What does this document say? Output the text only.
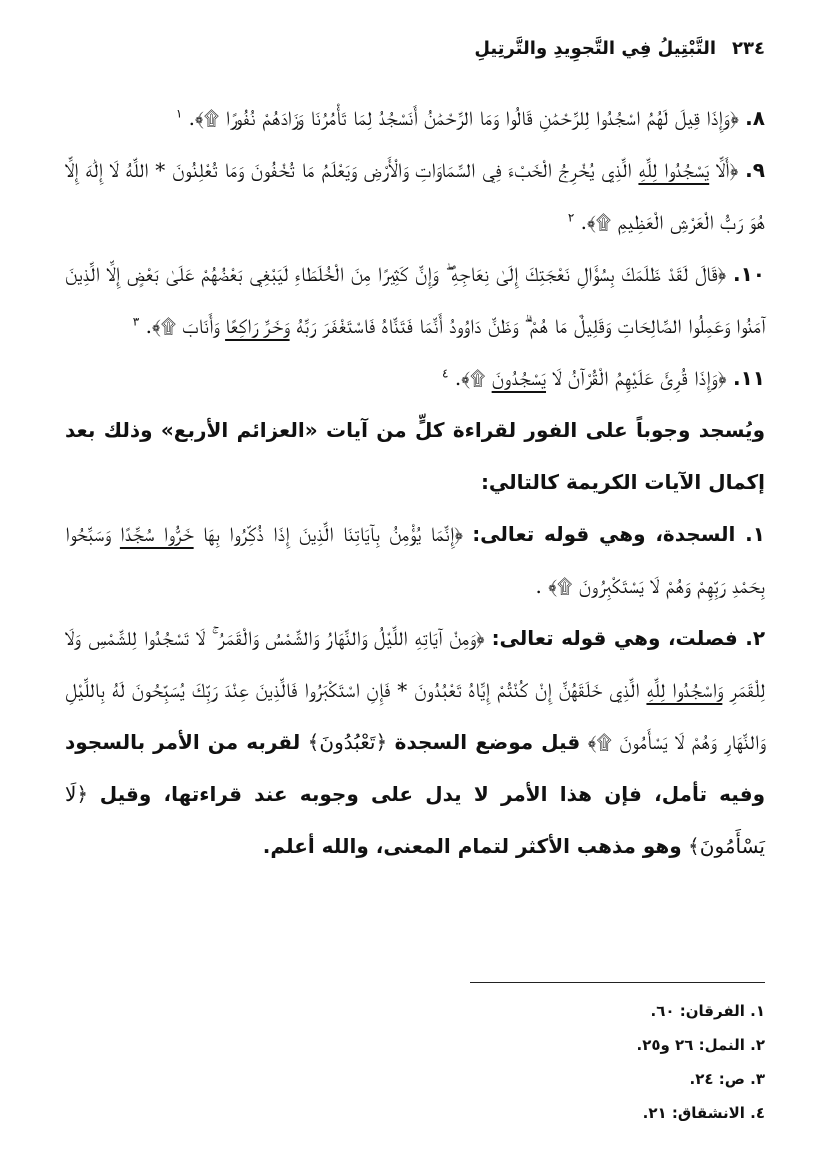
٢٣٤
التَّبْتِيلُ فِي التَّجوِيدِ والتَّرتِيلِ

٨. ﴿وَإِذَا قِيلَ لَهُمُ اسْجُدُوا لِلرَّحْمَٰنِ قَالُوا وَمَا الرَّحْمَٰنُ أَنَسْجُدُ لِمَا تَأْمُرُنَا وَزَادَهُمْ نُفُورًا ۩﴾. $^١$

٩. ﴿أَلَّا يَسْجُدُوا لِلَّهِ الَّذِي يُخْرِجُ الْخَبْءَ فِي السَّمَاوَاتِ وَالْأَرْضِ وَيَعْلَمُ مَا تُخْفُونَ وَمَا تُعْلِنُونَ * اللَّهُ لَا إِلَٰهَ إِلَّا هُوَ رَبُّ الْعَرْشِ الْعَظِيمِ ۩﴾. $^٢$

١٠. ﴿قَالَ لَقَدْ ظَلَمَكَ بِسُؤَالِ نَعْجَتِكَ إِلَىٰ نِعَاجِهِ ۖ وَإِنَّ كَثِيرًا مِنَ الْخُلَطَاءِ لَيَبْغِي بَعْضُهُمْ عَلَىٰ بَعْضٍ إِلَّا الَّذِينَ آمَنُوا وَعَمِلُوا الصَّالِحَاتِ وَقَلِيلٌ مَا هُمْ ۗ وَظَنَّ دَاوُودُ أَنَّمَا فَتَنَّاهُ فَاسْتَغْفَرَ رَبَّهُ وَخَرَّ رَاكِعًا وَأَنَابَ ۩﴾. $^٣$

١١. ﴿وَإِذَا قُرِئَ عَلَيْهِمُ الْقُرْآنُ لَا يَسْجُدُونَ ۩﴾. $^٤$

ويُسجد وجوباً على الفور لقراءة كلٍّ من آيات «العزائم الأربع» وذلك بعد إكمال الآيات الكريمة كالتالي:

١. السجدة، وهي قوله تعالى: ﴿إِنَّمَا يُؤْمِنُ بِآيَاتِنَا الَّذِينَ إِذَا ذُكِّرُوا بِهَا خَرُّوا سُجَّدًا وَسَبَّحُوا بِحَمْدِ رَبِّهِمْ وَهُمْ لَا يَسْتَكْبِرُونَ ۩﴾ .

٢. فصلت، وهي قوله تعالى: ﴿وَمِنْ آيَاتِهِ اللَّيْلُ وَالنَّهَارُ وَالشَّمْسُ وَالْقَمَرُ ۚ لَا تَسْجُدُوا لِلشَّمْسِ وَلَا لِلْقَمَرِ وَاسْجُدُوا لِلَّهِ الَّذِي خَلَقَهُنَّ إِنْ كُنْتُمْ إِيَّاهُ تَعْبُدُونَ * فَإِنِ اسْتَكْبَرُوا فَالَّذِينَ عِنْدَ رَبِّكَ يُسَبِّحُونَ لَهُ بِاللَّيْلِ وَالنَّهَارِ وَهُمْ لَا يَسْأَمُونَ ۩﴾ قيل موضع السجدة ﴿تَعْبُدُونَ﴾ لقربه من الأمر بالسجود وفيه تأمل، فإن هذا الأمر لا يدل على وجوبه عند قراءتها، وقيل ﴿لَا يَسْأَمُونَ﴾ وهو مذهب الأكثر لتمام المعنى، والله أعلم.

١. الفرقان: ٦٠.

٢. النمل: ٢٦ و٢٥.

٣. ص: ٢٤.

٤. الانشقاق: ٢١.
